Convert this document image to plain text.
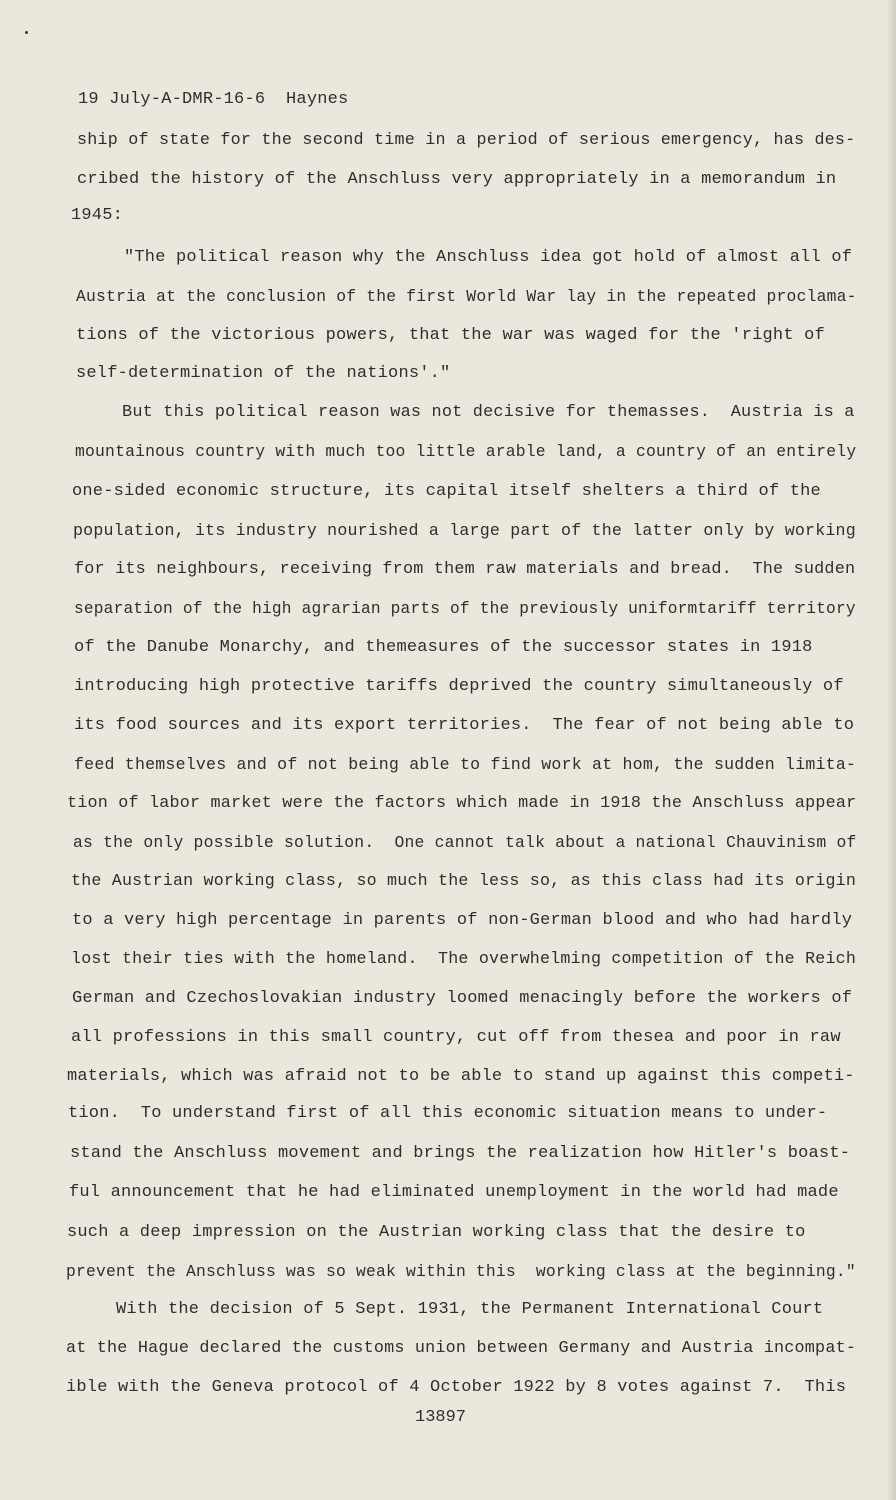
19 July-A-DMR-16-6  Haynes
ship of state for the second time in a period of serious emergency, has des-
cribed the history of the Anschluss very appropriately in a memorandum in
1945:
"The political reason why the Anschluss idea got hold of almost all of
Austria at the conclusion of the first World War lay in the repeated proclama-
tions of the victorious powers, that the war was waged for the 'right of
self-determination of the nations'."
But this political reason was not decisive for themasses.  Austria is a
mountainous country with much too little arable land, a country of an entirely
one-sided economic structure, its capital itself shelters a third of the
population, its industry nourished a large part of the latter only by working
for its neighbours, receiving from them raw materials and bread.  The sudden
separation of the high agrarian parts of the previously uniformtariff territory
of the Danube Monarchy, and themeasures of the successor states in 1918
introducing high protective tariffs deprived the country simultaneously of
its food sources and its export territories.  The fear of not being able to
feed themselves and of not being able to find work at hom, the sudden limita-
tion of labor market were the factors which made in 1918 the Anschluss appear
as the only possible solution.  One cannot talk about a national Chauvinism of
the Austrian working class, so much the less so, as this class had its origin
to a very high percentage in parents of non-German blood and who had hardly
lost their ties with the homeland.  The overwhelming competition of the Reich
German and Czechoslovakian industry loomed menacingly before the workers of
all professions in this small country, cut off from thesea and poor in raw
materials, which was afraid not to be able to stand up against this competi-
tion.  To understand first of all this economic situation means to under-
stand the Anschluss movement and brings the realization how Hitler's boast-
ful announcement that he had eliminated unemployment in the world had made
such a deep impression on the Austrian working class that the desire to
prevent the Anschluss was so weak within this  working class at the beginning."
With the decision of 5 Sept. 1931, the Permanent International Court
at the Hague declared the customs union between Germany and Austria incompat-
ible with the Geneva protocol of 4 October 1922 by 8 votes against 7.  This
13897
